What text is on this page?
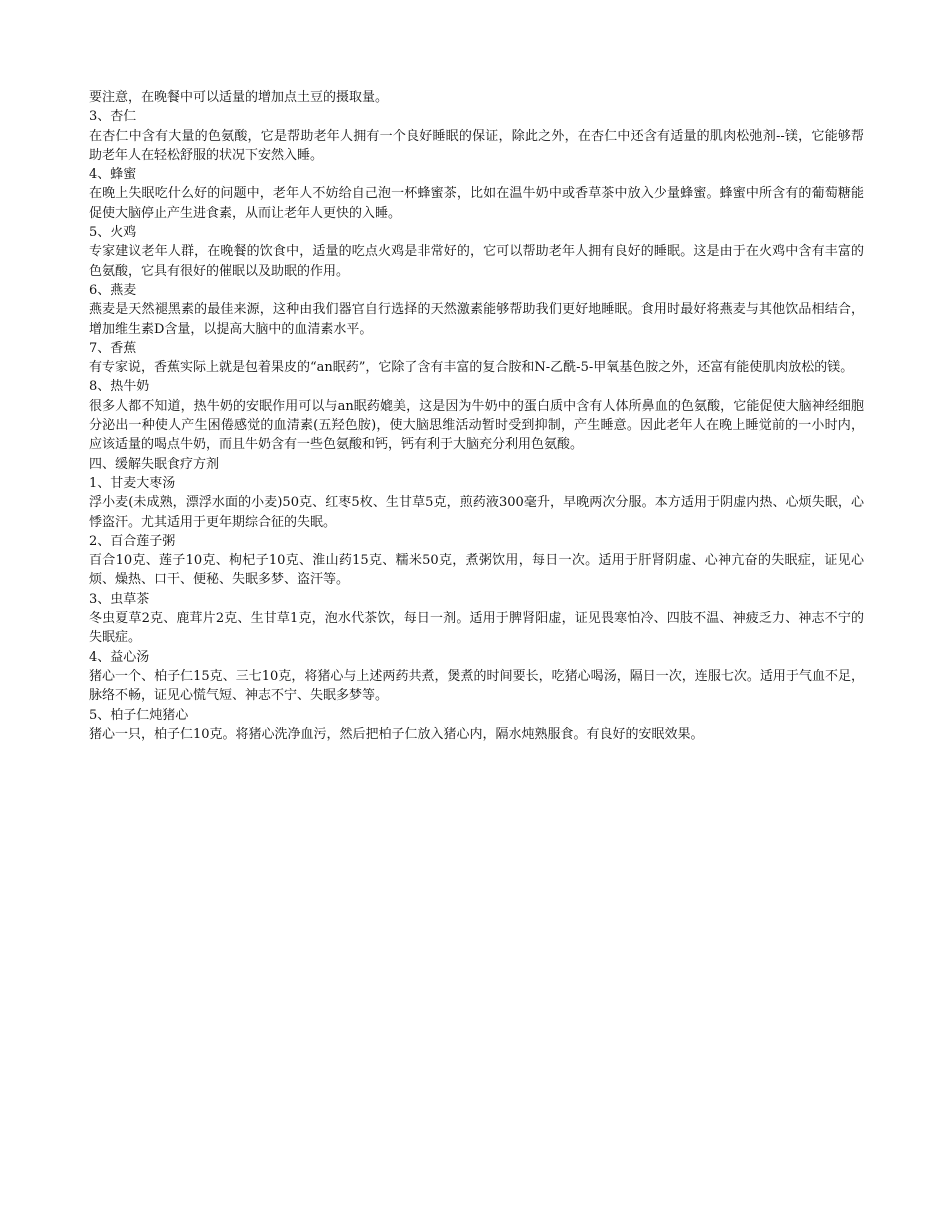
要注意，在晚餐中可以适量的增加点土豆的摄取量。

3、杏仁

在杏仁中含有大量的色氨酸，它是帮助老年人拥有一个良好睡眠的保证，除此之外，在杏仁中还含有适量的肌肉松弛剂--镁，它能够帮助老年人在轻松舒服的状况下安然入睡。

4、蜂蜜

在晚上失眠吃什么好的问题中，老年人不妨给自己泡一杯蜂蜜茶，比如在温牛奶中或香草茶中放入少量蜂蜜。蜂蜜中所含有的葡萄糖能促使大脑停止产生进食素，从而让老年人更快的入睡。

5、火鸡

专家建议老年人群，在晚餐的饮食中，适量的吃点火鸡是非常好的，它可以帮助老年人拥有良好的睡眠。这是由于在火鸡中含有丰富的色氨酸，它具有很好的催眠以及助眠的作用。

6、燕麦

燕麦是天然褪黑素的最佳来源，这种由我们器官自行选择的天然激素能够帮助我们更好地睡眠。食用时最好将燕麦与其他饮品相结合，增加维生素D含量，以提高大脑中的血清素水平。

7、香蕉

有专家说，香蕉实际上就是包着果皮的“an眠药”，它除了含有丰富的复合胺和N-乙酰-5-甲氧基色胺之外，还富有能使肌肉放松的镁。

8、热牛奶

很多人都不知道，热牛奶的安眠作用可以与an眠药媲美，这是因为牛奶中的蛋白质中含有人体所鼻血的色氨酸，它能促使大脑神经细胞分泌出一种使人产生困倦感觉的血清素(五羟色胺)，使大脑思维活动暂时受到抑制，产生睡意。因此老年人在晚上睡觉前的一小时内，应该适量的喝点牛奶，而且牛奶含有一些色氨酸和钙，钙有利于大脑充分利用色氨酸。

四、缓解失眠食疗方剂

1、甘麦大枣汤

浮小麦(未成熟，漂浮水面的小麦)50克、红枣5枚、生甘草5克，煎药液300毫升，早晚两次分服。本方适用于阴虚内热、心烦失眠，心悸盗汗。尤其适用于更年期综合征的失眠。

2、百合莲子粥

百合10克、莲子10克、枸杞子10克、淮山药15克、糯米50克，煮粥饮用，每日一次。适用于肝肾阴虚、心神亢奋的失眠症，证见心烦、燥热、口干、便秘、失眠多梦、盗汗等。

3、虫草茶

冬虫夏草2克、鹿茸片2克、生甘草1克，泡水代茶饮，每日一剂。适用于脾肾阳虚，证见畏寒怕冷、四肢不温、神疲乏力、神志不宁的失眠症。

4、益心汤

猪心一个、柏子仁15克、三七10克，将猪心与上述两药共煮，煲煮的时间要长，吃猪心喝汤，隔日一次，连服七次。适用于气血不足，脉络不畅，证见心慌气短、神志不宁、失眠多梦等。

5、柏子仁炖猪心

猪心一只，柏子仁10克。将猪心洗净血污，然后把柏子仁放入猪心内，隔水炖熟服食。有良好的安眠效果。
